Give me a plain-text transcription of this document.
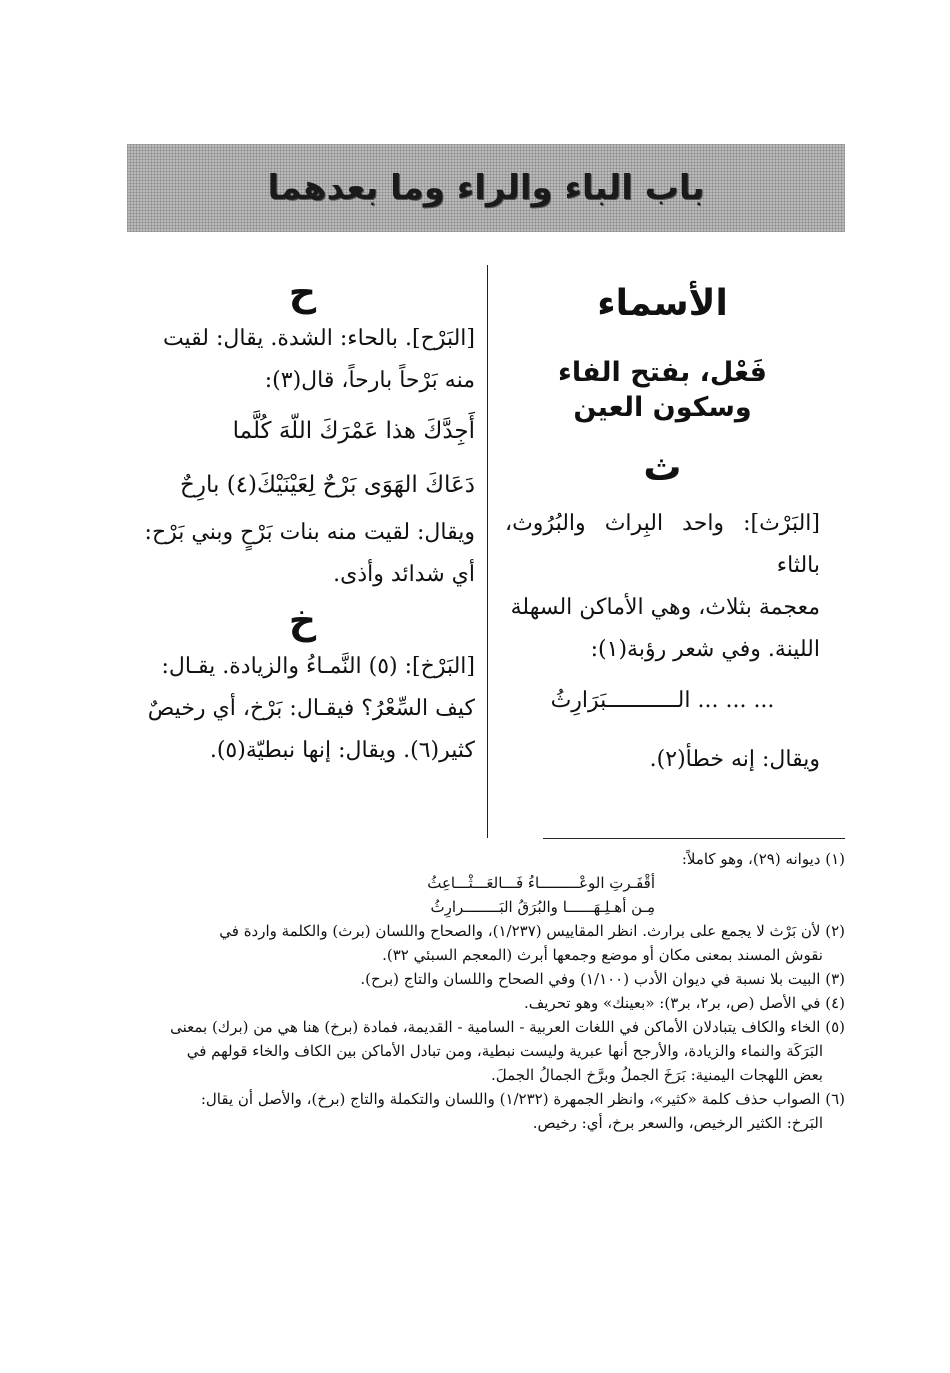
باب الباء والراء وما بعدهما

الأسماء

فَعْل، بفتح الفاء وسكون العين

ث

[البَرْث]: واحد البِراث والبُرُوث، بالثاء

معجمة بثلاث، وهي الأماكن السهلة

اللينة. وفي شعر رؤبة(١):

... ... ... الـــــــــــبَرَارِثُ

ويقال: إنه خطأ(٢).

ح

[البَرْح]. بالحاء: الشدة. يقال: لقيت

منه بَرْحاً بارحاً، قال(٣):

أَجِدَّكَ هذا عَمْرَكَ اللّهَ كُلَّما

دَعَاكَ الهَوَى بَرْحٌ لِعَيْنَيْكَ(٤) بارِحٌ

ويقال: لقيت منه بنات بَرْحٍ وبني بَرْح:

أي شدائد وأذى.

خ

[البَرْخ]: (٥) النَّمـاءُ والزيادة. يقـال:

كيف السِّعْرُ؟ فيقـال: بَرْخ، أي رخيصٌ

كثير(٦). ويقال: إنها نبطيّة(٥).

(١) ديوانه (٢٩)، وهو كاملاً:

أقْفَـرتِ الوعْـــــــــاءُ فَـــالعَـــثْـــاعِثُ

مِـن أهـلِـهَــــــا والبُرَقُ البَــــــــرارِثُ

(٢) لأن بَرْث لا يجمع على برارث. انظر المقاييس (١/٢٣٧)، والصحاح واللسان (برث) والكلمة واردة في

نقوش المسند بمعنى مكان أو موضع وجمعها أبرث (المعجم السبئي ٣٢).

(٣) البيت بلا نسبة في ديوان الأدب (١/١٠٠) وفي الصحاح واللسان والتاج (برح).

(٤) في الأصل (ص، بر٢، بر٣): «بعينك» وهو تحريف.

(٥) الخاء والكاف يتبادلان الأماكن في اللغات العربية - السامية - القديمة، فمادة (برخ) هنا هي من (برك) بمعنى

البَرَكَة والنماء والزيادة، والأرجح أنها عبرية وليست نبطية، ومن تبادل الأماكن بين الكاف والخاء قولهم في

بعض اللهجات اليمنية: بَرَخَ الجملُ وبرَّخ الجمالُ الجملَ.

(٦) الصواب حذف كلمة «كثير»، وانظر الجمهرة (١/٢٣٢) واللسان والتكملة والتاج (برخ)، والأصل أن يقال:

البَرخ: الكثير الرخيص، والسعر برخ، أي: رخيص.
